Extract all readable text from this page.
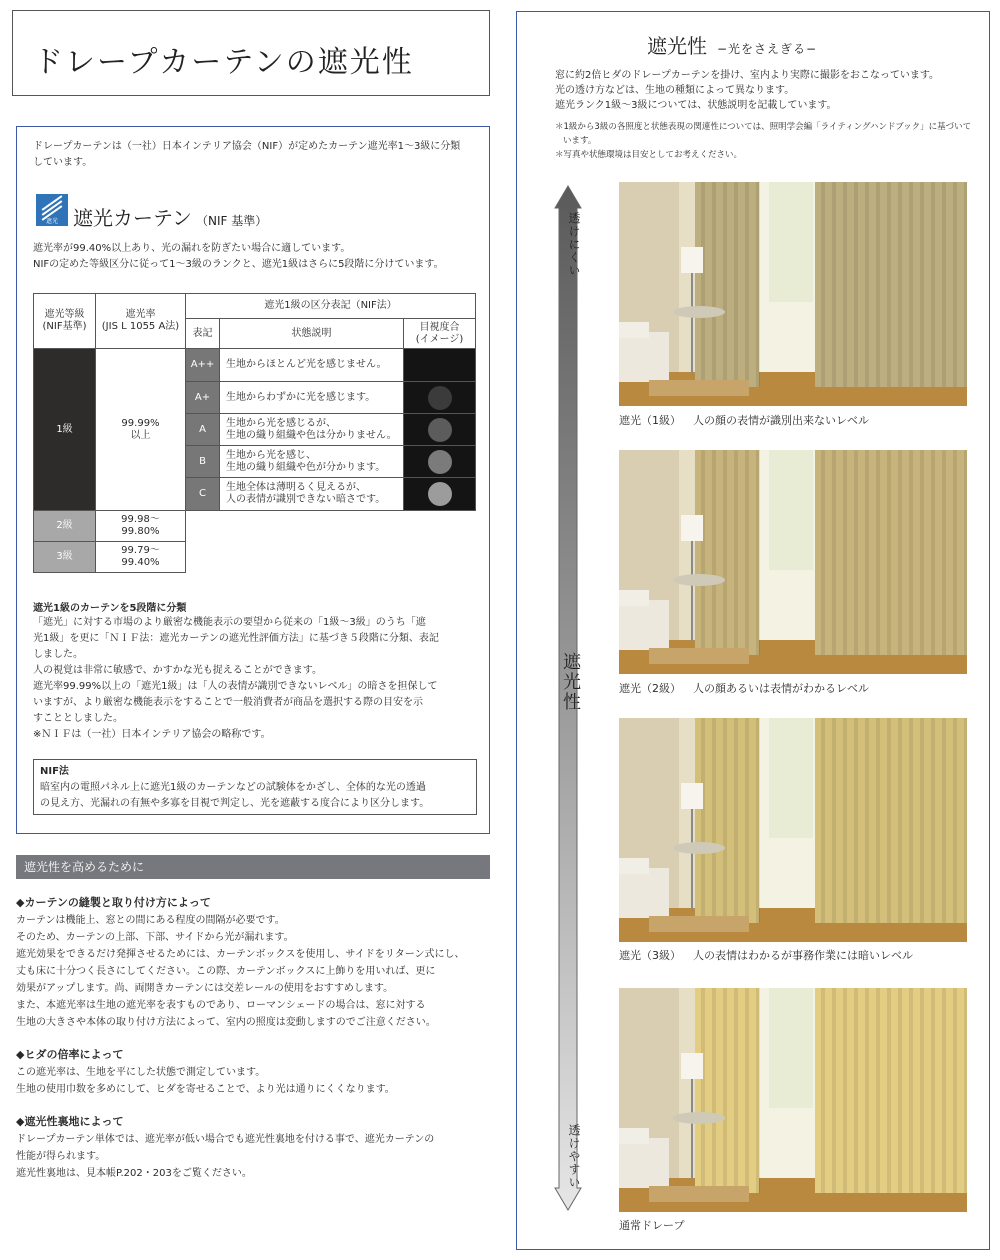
ドレープカーテンの遮光性
ドレープカーテンは（一社）日本インテリア協会（NIF）が定めたカーテン遮光率1〜3級に分類
しています。
遮光 遮光カーテン （NIF 基準）
遮光率が99.40%以上あり、光の漏れを防ぎたい場合に適しています。
NIFの定めた等級区分に従って1〜3級のランクと、遮光1級はさらに5段階に分けています。
遮光等級
(NIF基準)	遮光率
(JIS L 1055 A法)	遮光1級の区分表記（NIF法）		
		表記	状態説明	目視度合
(イメージ)
1級	99.99%
以上	A++	生地からほとんど光を感じません。	
		A+	生地からわずかに光を感じます。	
		A	生地から光を感じるが、
生地の織り組織や色は分かりません。	
		B	生地から光を感じ、
生地の織り組織や色が分かります。	
		C	生地全体は薄明るく見えるが、
人の表情が識別できない暗さです。	
2級	99.98〜
99.80%			
3級	99.79〜
99.40%			
遮光1級のカーテンを5段階に分類
「遮光」に対する市場のより厳密な機能表示の要望から従来の「1級〜3級」のうち「遮
光1級」を更に「ＮＩＦ法：遮光カーテンの遮光性評価方法」に基づき５段階に分類、表記
しました。
人の視覚は非常に敏感で、かすかな光も捉えることができます。
遮光率99.99%以上の「遮光1級」は「人の表情が識別できないレベル」の暗さを担保して
いますが、より厳密な機能表示をすることで一般消費者が商品を選択する際の目安を示
すこととしました。
※ＮＩＦは（一社）日本インテリア協会の略称です。
NIF法
暗室内の電照パネル上に遮光1級のカーテンなどの試験体をかざし、全体的な光の透過
の見え方、光漏れの有無や多寡を目視で判定し、光を遮蔽する度合により区分します。
遮光性を高めるために
◆カーテンの縫製と取り付け方によって

カーテンは機能上、窓との間にある程度の間隔が必要です。

そのため、カーテンの上部、下部、サイドから光が漏れます。

遮光効果をできるだけ発揮させるためには、カーテンボックスを使用し、サイドをリターン式にし、

丈も床に十分つく長さにしてください。この際、カーテンボックスに上飾りを用いれば、更に

効果がアップします。尚、両開きカーテンには交差レールの使用をおすすめします。

また、本遮光率は生地の遮光率を表すものであり、ローマンシェードの場合は、窓に対する

生地の大きさや本体の取り付け方法によって、室内の照度は変動しますのでご注意ください。

◆ヒダの倍率によって

この遮光率は、生地を平にした状態で測定しています。

生地の使用巾数を多めにして、ヒダを寄せることで、より光は通りにくくなります。

◆遮光性裏地によって

ドレープカーテン単体では、遮光率が低い場合でも遮光性裏地を付ける事で、遮光カーテンの

性能が得られます。

遮光性裏地は、見本帳P.202・203をご覧ください。

遮光性 −光をさえぎる−
窓に約2倍ヒダのドレープカーテンを掛け、室内より実際に撮影をおこなっています。
光の透け方などは、生地の種類によって異なります。
遮光ランク1級〜3級については、状態説明を記載しています。

＊1級から3級の各照度と状態表現の関連性については、照明学会編「ライティングハンドブック」に基づいています。

＊写真や状態環境は目安としてお考えください。

透けにくい
遮光性
透けやすい
遮光（1級） 人の顔の表情が識別出来ないレベル
遮光（2級） 人の顔あるいは表情がわかるレベル
遮光（3級） 人の表情はわかるが事務作業には暗いレベル
通常ドレープ
